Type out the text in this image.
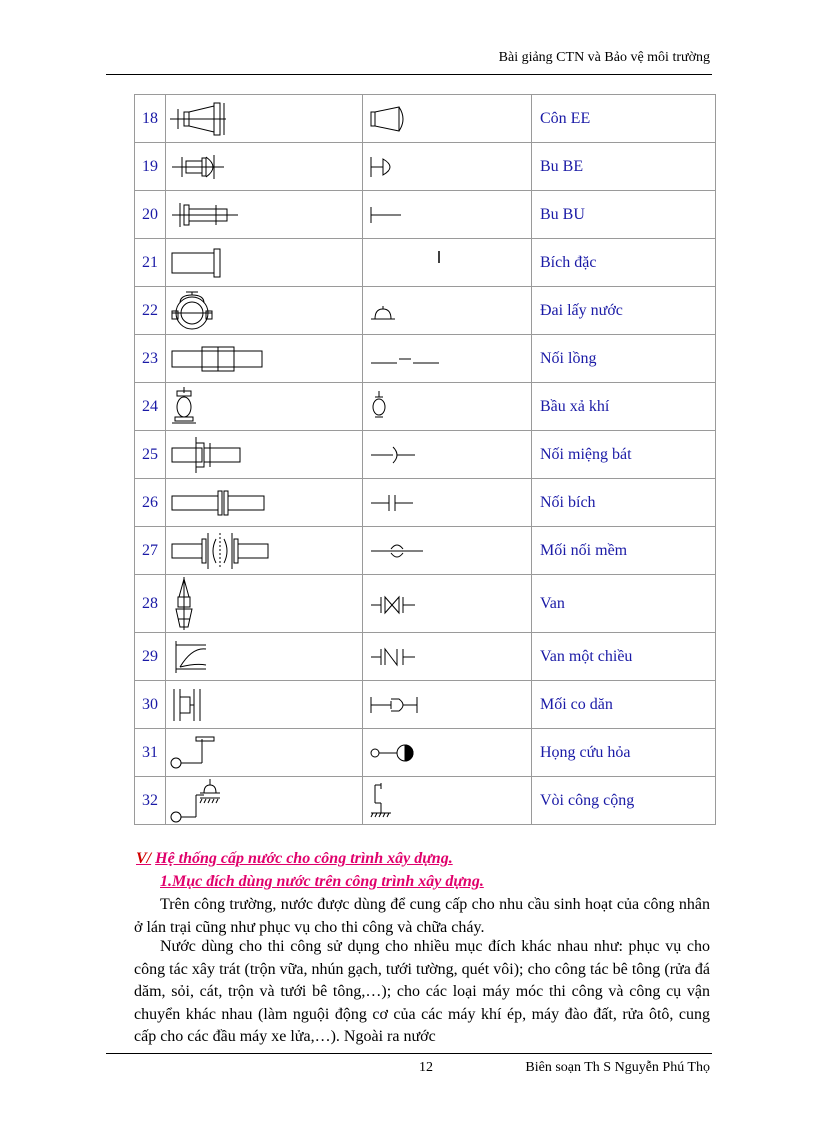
Bài giảng CTN và Bảo vệ môi trường
18			Côn EE
19			Bu BE
20			Bu BU
21			Bích đặc
22			Đai lấy nước
23			Nối lồng
24			Bầu xả khí
25			Nối miệng bát
26			Nối bích
27			Mối nối mềm
28			Van
29			Van một chiều
30			Mối co dăn
31			Họng cứu hỏa
32			Vòi công cộng
V/ Hệ thống cấp nước cho công trình xây dựng.
1.Mục đích dùng nước trên công trình xây dựng.

Trên công trường, nước được dùng để cung cấp cho nhu cầu sinh hoạt của công nhân ở lán trại cũng như phục vụ cho thi công và chữa cháy.

Nước dùng cho thi công sử dụng cho nhiều mục đích khác nhau như: phục vụ cho công tác xây trát (trộn vữa, nhún gạch, tưới tường, quét vôi); cho công tác bê tông (rửa đá dăm, sỏi, cát, trộn và tưới bê tông,…); cho các loại máy móc thi công và công cụ vận chuyển khác nhau (làm nguội động cơ của các máy khí ép, máy đào đất, rửa ôtô, cung cấp cho các đầu máy xe lửa,…). Ngoài ra nước

12	Biên soạn Th S Nguyễn Phú Thọ
